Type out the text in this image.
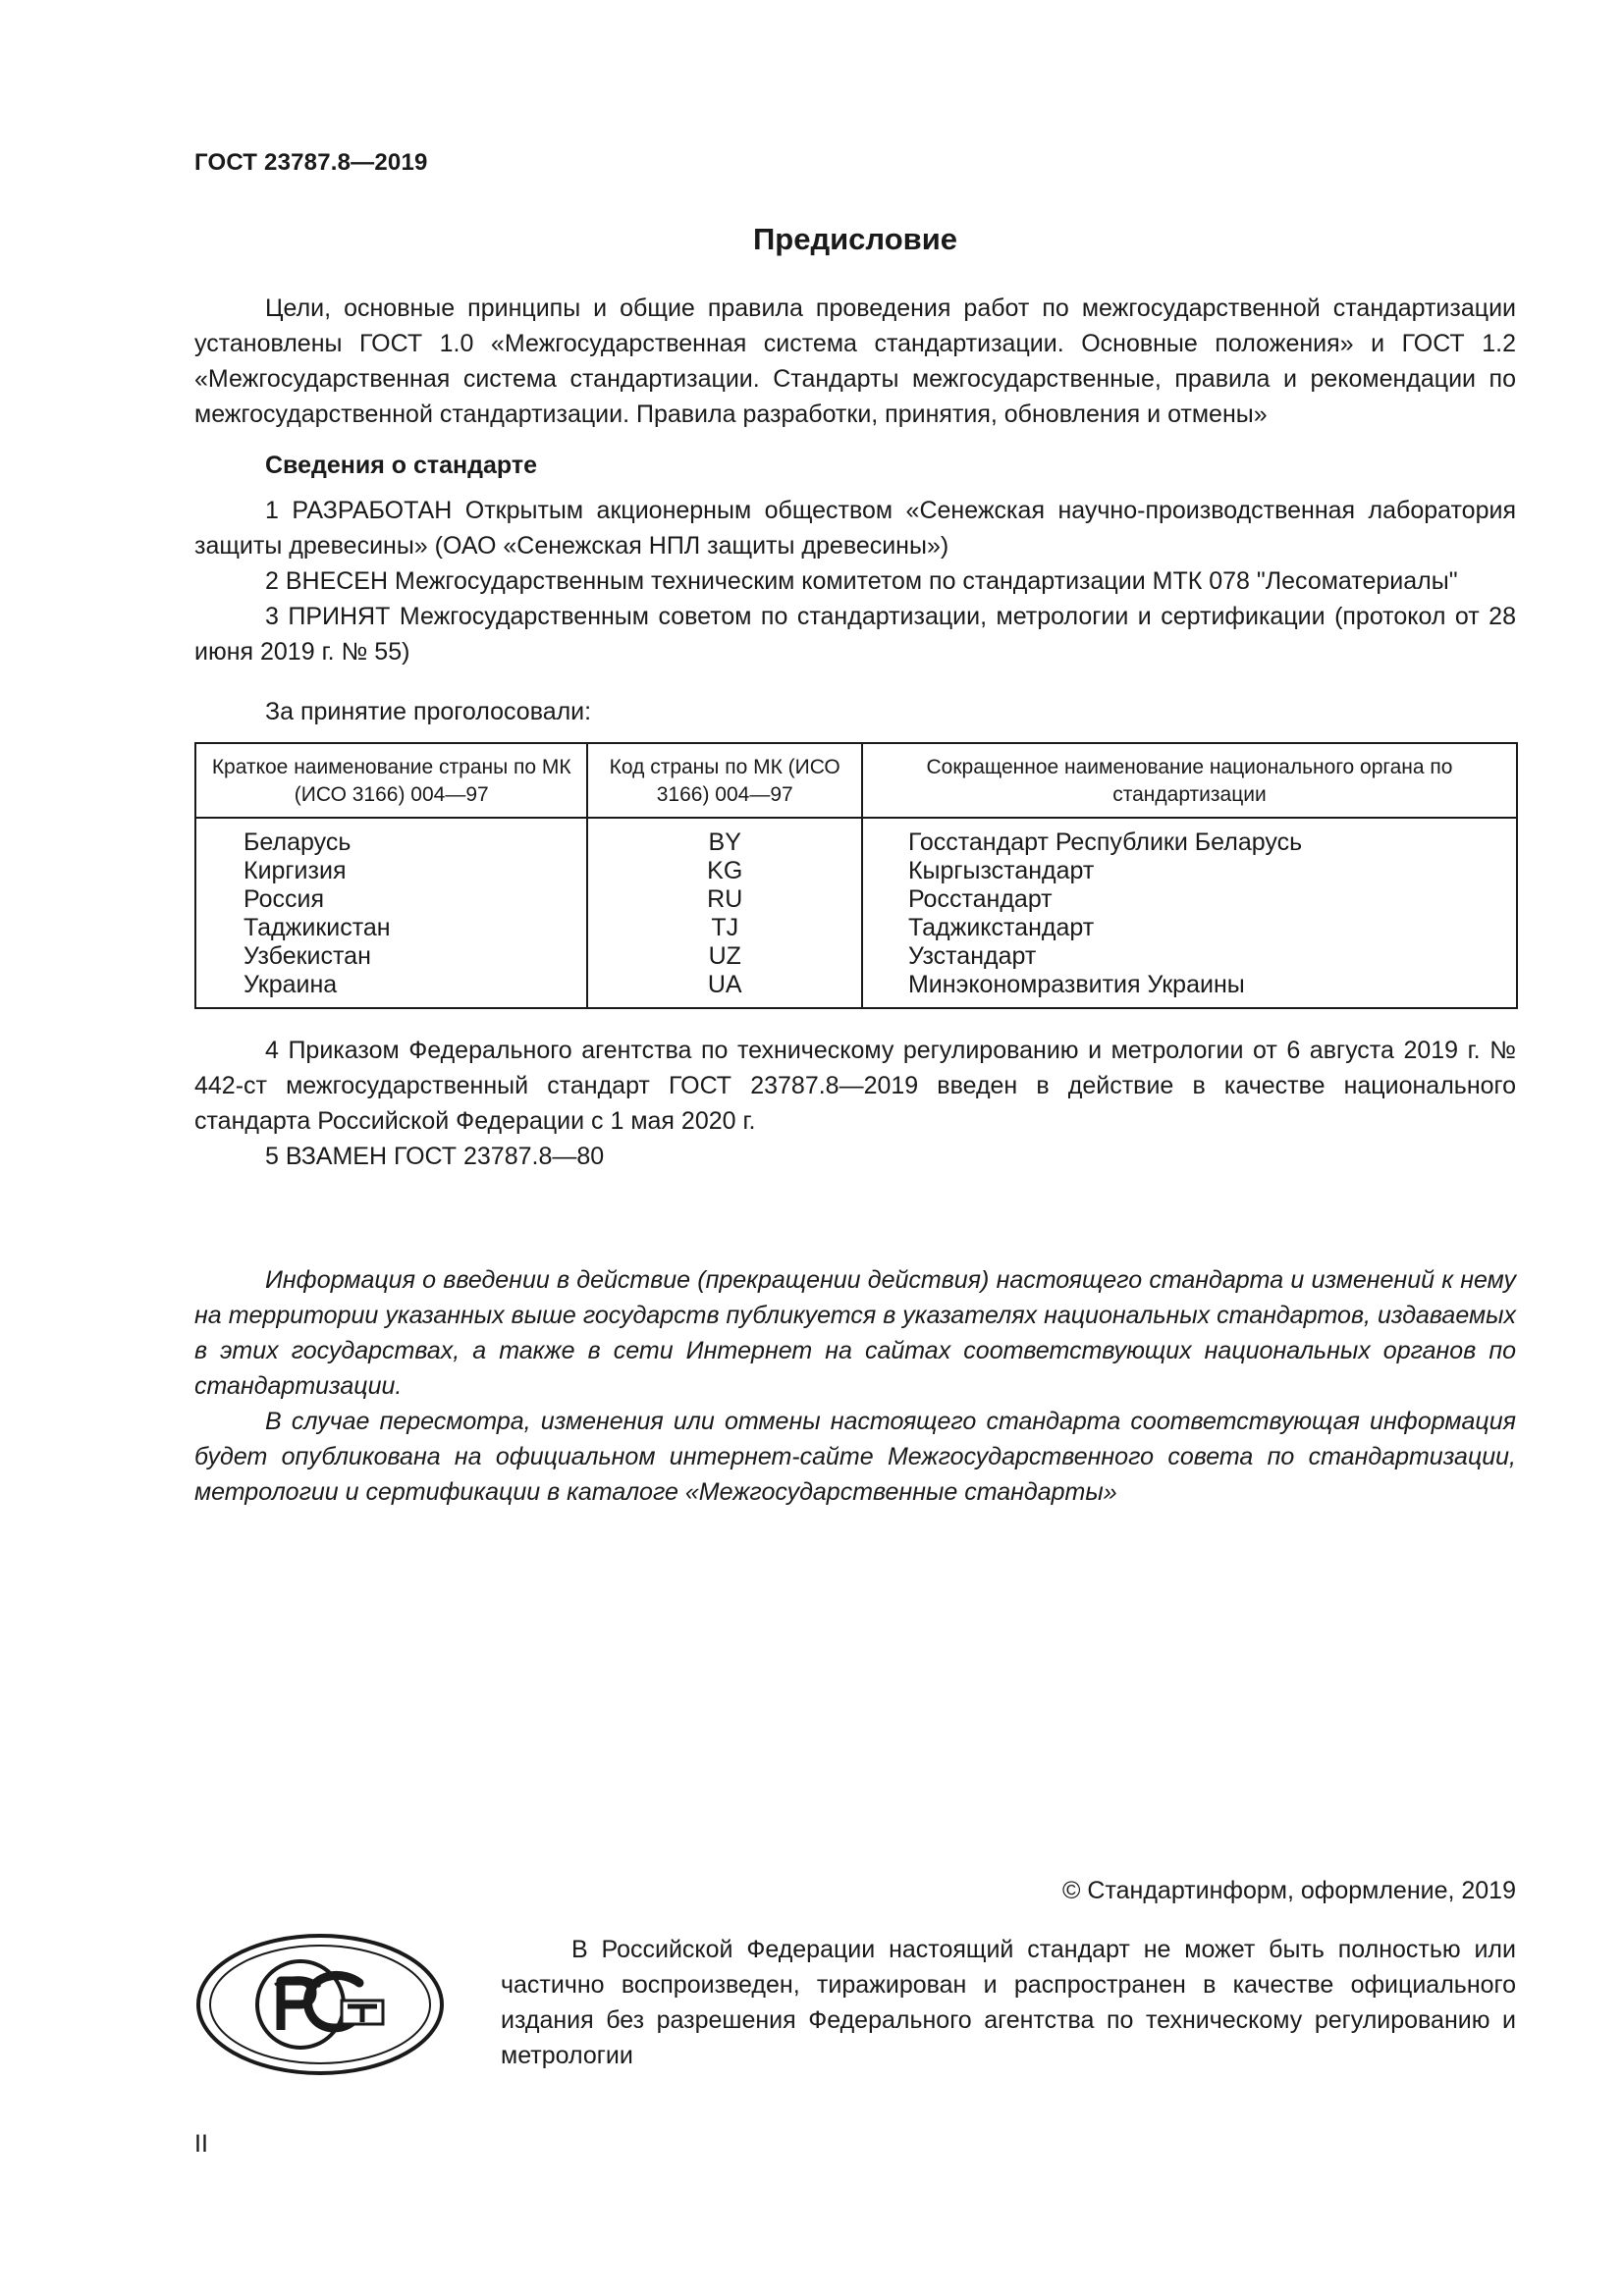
ГОСТ 23787.8—2019
Предисловие

Цели, основные принципы и общие правила проведения работ по межгосударственной стандартизации установлены ГОСТ 1.0 «Межгосударственная система стандартизации. Основные положения» и ГОСТ 1.2 «Межгосударственная система стандартизации. Стандарты межгосударственные, правила и рекомендации по межгосударственной стандартизации. Правила разработки, принятия, обновления и отмены»

Сведения о стандарте

1 РАЗРАБОТАН Открытым акционерным обществом «Сенежская научно-производственная лаборатория защиты древесины» (ОАО «Сенежская НПЛ защиты древесины»)

2 ВНЕСЕН Межгосударственным техническим комитетом по стандартизации МТК 078 "Лесоматериалы"

3 ПРИНЯТ Межгосударственным советом по стандартизации, метрологии и сертификации (протокол от 28 июня 2019 г. № 55)

За принятие проголосовали:

Краткое наименование страны по МК (ИСО 3166) 004—97	Код страны по МК (ИСО 3166) 004—97	Сокращенное наименование национального органа по стандартизации
Беларусь	BY	Госстандарт Республики Беларусь
Киргизия	KG	Кыргызстандарт
Россия	RU	Росстандарт
Таджикистан	TJ	Таджикстандарт
Узбекистан	UZ	Узстандарт
Украина	UA	Минэкономразвития Украины

4 Приказом Федерального агентства по техническому регулированию и метрологии от 6 августа 2019 г. № 442-ст межгосударственный стандарт ГОСТ 23787.8—2019 введен в действие в качестве национального стандарта Российской Федерации с 1 мая 2020 г.

5 ВЗАМЕН ГОСТ 23787.8—80

Информация о введении в действие (прекращении действия) настоящего стандарта и изменений к нему на территории указанных выше государств публикуется в указателях национальных стандартов, издаваемых в этих государствах, а также в сети Интернет на сайтах соответствующих национальных органов по стандартизации.

В случае пересмотра, изменения или отмены настоящего стандарта соответствующая информация будет опубликована на официальном интернет-сайте Межгосударственного совета по стандартизации, метрологии и сертификации в каталоге «Межгосударственные стандарты»

© Стандартинформ, оформление, 2019

В Российской Федерации настоящий стандарт не может быть полностью или частично воспроизведен, тиражирован и распространен в качестве официального издания без разрешения Федерального агентства по техническому регулированию и метрологии

II
